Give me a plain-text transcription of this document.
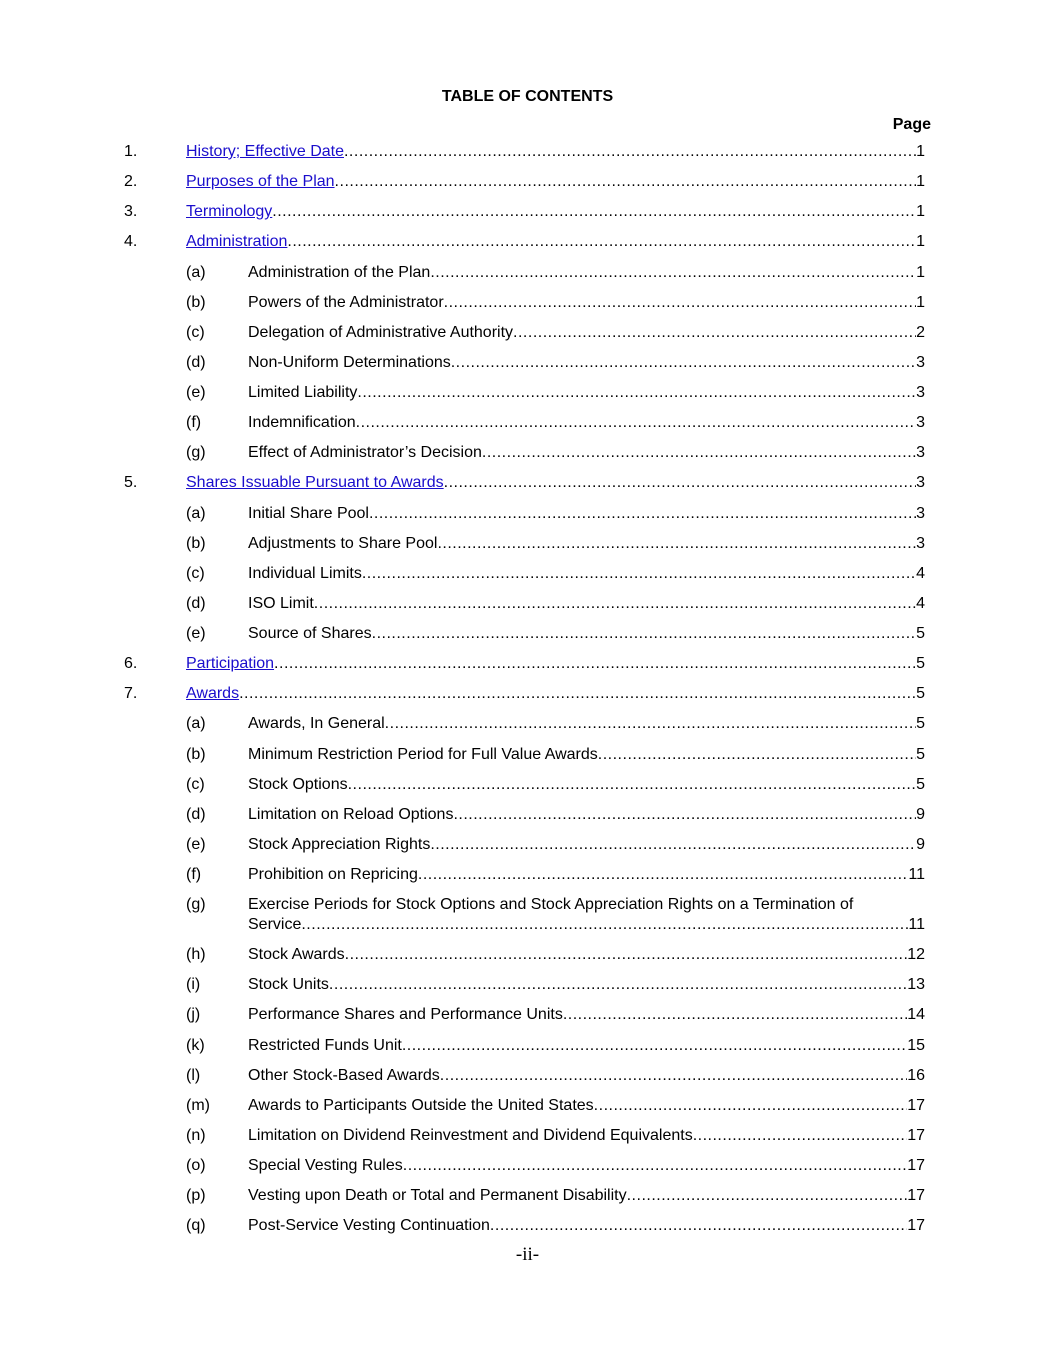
TABLE OF CONTENTS
Page
1.	History; Effective Date .....	1
2.	Purposes of the Plan .....	1
3.	Terminology .....	1
4.	Administration .....	1
(a)	Administration of the Plan .....	1
(b)	Powers of the Administrator .....	1
(c)	Delegation of Administrative Authority .....	2
(d)	Non-Uniform Determinations .....	3
(e)	Limited Liability .....	3
(f)	Indemnification .....	3
(g)	Effect of Administrator’s Decision .....	3
5.	Shares Issuable Pursuant to Awards .....	3
(a)	Initial Share Pool .....	3
(b)	Adjustments to Share Pool .....	3
(c)	Individual Limits .....	4
(d)	ISO Limit .....	4
(e)	Source of Shares .....	5
6.	Participation .....	5
7.	Awards .....	5
(a)	Awards, In General .....	5
(b)	Minimum Restriction Period for Full Value Awards .....	5
(c)	Stock Options .....	5
(d)	Limitation on Reload Options .....	9
(e)	Stock Appreciation Rights .....	9
(f)	Prohibition on Repricing .....	11
(g)	Exercise Periods for Stock Options and Stock Appreciation Rights on a Termination of
Service .....	11
(h)	Stock Awards .....	12
(i)	Stock Units .....	13
(j)	Performance Shares and Performance Units .....	14
(k)	Restricted Funds Unit .....	15
(l)	Other Stock-Based Awards .....	16
(m) Awards to Participants Outside the United States .....	17
(n)	Limitation on Dividend Reinvestment and Dividend Equivalents .....	17
(o)	Special Vesting Rules .....	17
(p)	Vesting upon Death or Total and Permanent Disability .....	17
(q)	Post-Service Vesting Continuation .....	17
-ii-
